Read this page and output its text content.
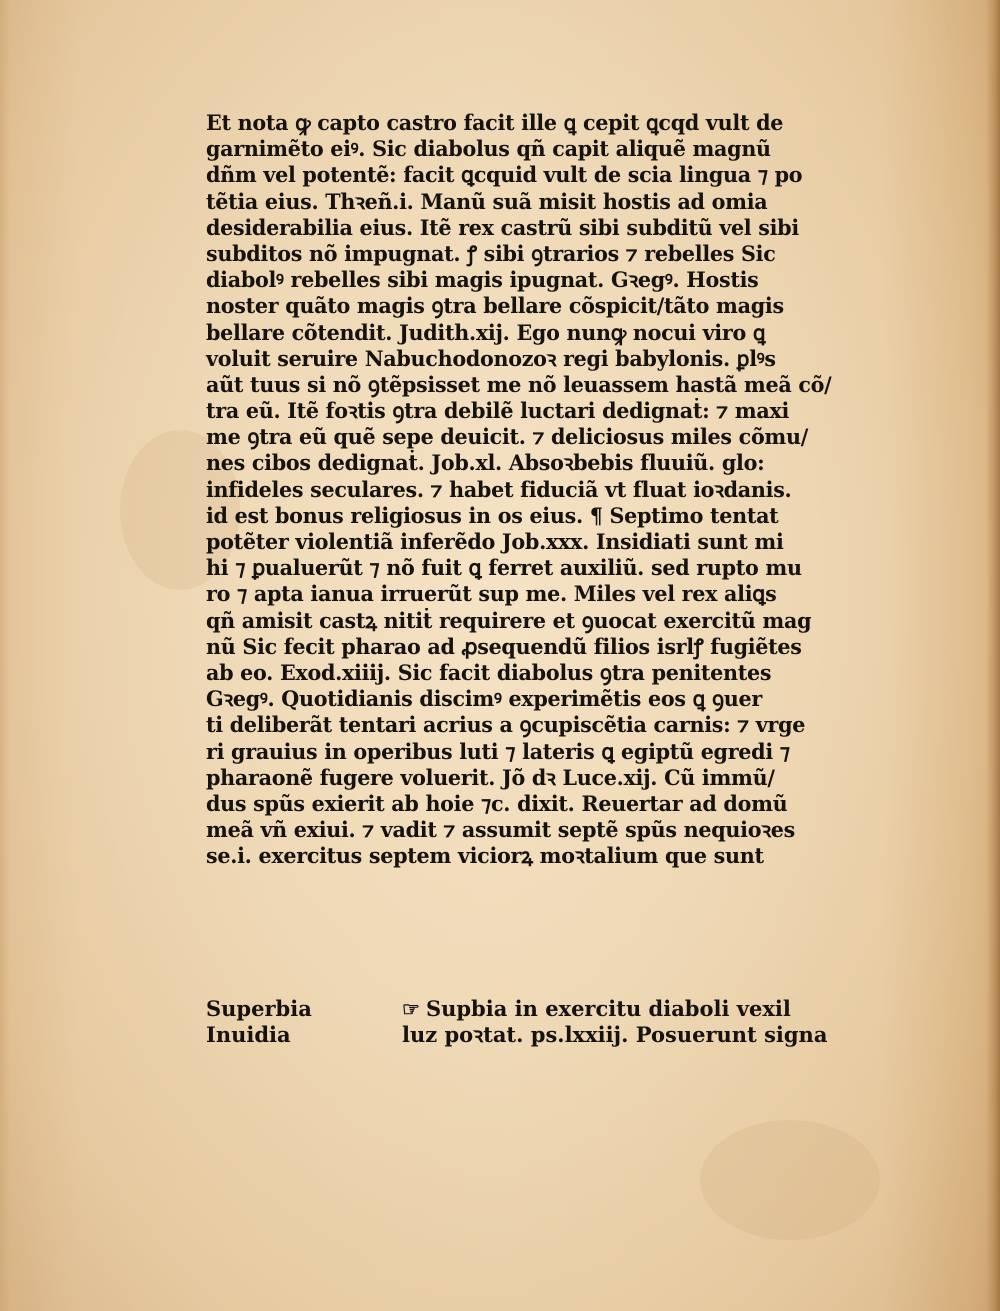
Et nota ꝙ capto castro facit ille ꝗ cepit ꝗcqd vult de
garnimẽto eiꝰ. Sic diabolus qñ capit aliquẽ magnũ
dñm vel potentẽ: facit ꝗcquid vult de scia lingua ⁊ po
tẽtia eius. Thꝛeñ.i. Manũ suã misit hostis ad omia
desiderabilia eius. Itẽ rex castrũ sibi subditũ vel sibi
subditos nõ impugnat. ꝭ sibi ꝯtrarios ⁊ rebelles Sic
diabolꝰ rebelles sibi magis ipugnat. Gꝛegꝰ. Hostis
noster quãto magis ꝯtra bellare cõspicit/tãto magis
bellare cõtendit. Judith.xij. Ego nunꝙ nocui viro ꝗ
voluit seruire Nabuchodonozoꝛ regi babylonis. ꝑlꝰs
aũt tuus si nõ ꝯtẽpsisset me nõ leuassem hastã meã cõ/
tra eũ. Itẽ foꝛtis ꝯtra debilẽ luctari dedignaṫ: ⁊ maxi
me ꝯtra eũ quẽ sepe deuicit. ⁊ deliciosus miles cõmu/
nes cibos dedignaṫ. Job.xl. Absoꝛbebis fluuiũ. glo:
infideles seculares. ⁊ habet fiduciã vt fluat ioꝛdanis.
id est bonus religiosus in os eius. ¶ Septimo tentat
potẽter violentiã inferẽdo Job.xxx. Insidiati sunt mi
hi ⁊ ꝑualuerũt ⁊ nõ fuit ꝗ ferret auxiliũ. sed rupto mu
ro ⁊ apta ianua irruerũt sup me. Miles vel rex aliꝗs
qñ amisit castꝝ nitiṫ requirere et ꝯuocat exercitũ mag
nũ Sic fecit pharao ad ꝓsequendũ filios isrlꝭ fugiẽtes
ab eo. Exod.xiiij. Sic facit diabolus ꝯtra penitentes
Gꝛegꝰ. Quotidianis discimꝰ experimẽtis eos ꝗ ꝯuer
ti deliberãt tentari acrius a ꝯcupiscẽtia carnis: ⁊ vrge
ri grauius in operibus luti ⁊ lateris ꝗ egiptũ egredi ⁊
pharaonẽ fugere voluerit. Jõ dꝛ Luce.xij. Cũ immũ/
dus spũs exierit ab hoie ⁊c. dixit. Reuertar ad domũ
meã vñ exiui. ⁊ vadit ⁊ assumit septẽ spũs nequioꝛes
se.i. exercitus septem viciorꝝ moꝛtalium que sunt
Superbia	☞ Supbia in exercitu diaboli vexil
Inuidia	luz poꝛtat. ps.lxxiij. Posuerunt signa
